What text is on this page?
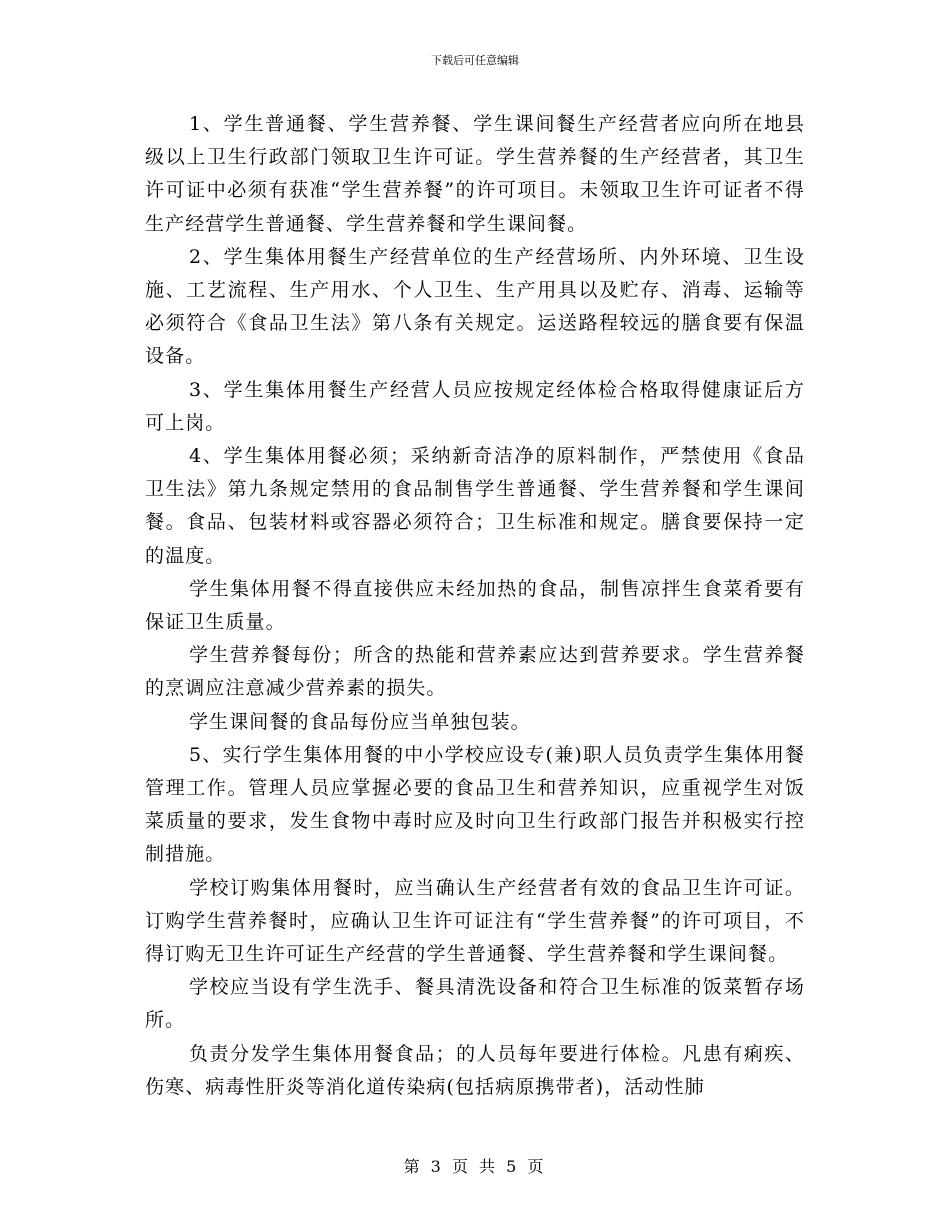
下载后可任意编辑

1、学生普通餐、学生营养餐、学生课间餐生产经营者应向所在地县级以上卫生行政部门领取卫生许可证。学生营养餐的生产经营者，其卫生许可证中必须有获准“学生营养餐”的许可项目。未领取卫生许可证者不得生产经营学生普通餐、学生营养餐和学生课间餐。

2、学生集体用餐生产经营单位的生产经营场所、内外环境、卫生设施、工艺流程、生产用水、个人卫生、生产用具以及贮存、消毒、运输等必须符合《食品卫生法》第八条有关规定。运送路程较远的膳食要有保温设备。

3、学生集体用餐生产经营人员应按规定经体检合格取得健康证后方可上岗。

4、学生集体用餐必须；采纳新奇洁净的原料制作，严禁使用《食品卫生法》第九条规定禁用的食品制售学生普通餐、学生营养餐和学生课间餐。食品、包装材料或容器必须符合；卫生标准和规定。膳食要保持一定的温度。

学生集体用餐不得直接供应未经加热的食品，制售凉拌生食菜肴要有保证卫生质量。

学生营养餐每份；所含的热能和营养素应达到营养要求。学生营养餐的烹调应注意减少营养素的损失。

学生课间餐的食品每份应当单独包装。

5、实行学生集体用餐的中小学校应设专(兼)职人员负责学生集体用餐管理工作。管理人员应掌握必要的食品卫生和营养知识，应重视学生对饭菜质量的要求，发生食物中毒时应及时向卫生行政部门报告并积极实行控制措施。

学校订购集体用餐时，应当确认生产经营者有效的食品卫生许可证。订购学生营养餐时，应确认卫生许可证注有“学生营养餐”的许可项目，不得订购无卫生许可证生产经营的学生普通餐、学生营养餐和学生课间餐。

学校应当设有学生洗手、餐具清洗设备和符合卫生标准的饭菜暂存场所。

负责分发学生集体用餐食品；的人员每年要进行体检。凡患有痢疾、伤寒、病毒性肝炎等消化道传染病(包括病原携带者)，活动性肺

第 3 页 共 5 页
